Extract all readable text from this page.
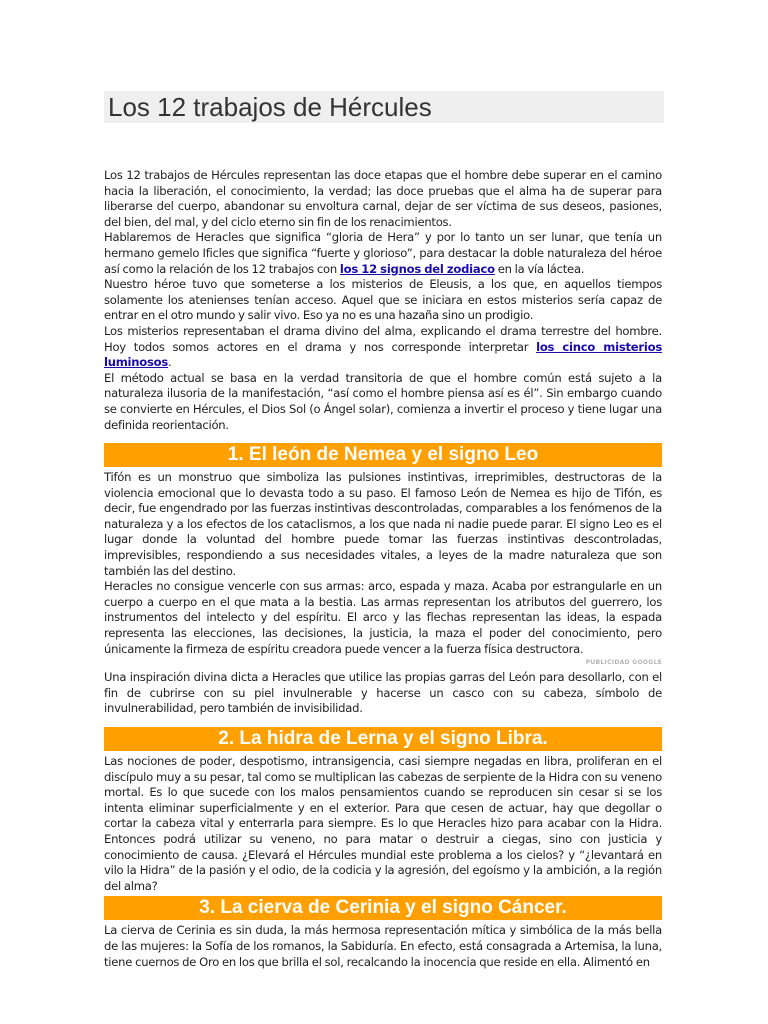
Los 12 trabajos de Hércules

Los 12 trabajos de Hércules representan las doce etapas que el hombre debe superar en el camino hacia la liberación, el conocimiento, la verdad; las doce pruebas que el alma ha de superar para liberarse del cuerpo, abandonar su envoltura carnal, dejar de ser víctima de sus deseos, pasiones, del bien, del mal, y del ciclo eterno sin fin de los renacimientos.

Hablaremos de Heracles que significa “gloria de Hera” y por lo tanto un ser lunar, que tenía un hermano gemelo Ificles que significa “fuerte y glorioso”, para destacar la doble naturaleza del héroe así como la relación de los 12 trabajos con los 12 signos del zodiaco en la vía láctea.

Nuestro héroe tuvo que someterse a los misterios de Eleusis, a los que, en aquellos tiempos solamente los atenienses tenían acceso. Aquel que se iniciara en estos misterios sería capaz de entrar en el otro mundo y salir vivo. Eso ya no es una hazaña sino un prodigio.

Los misterios representaban el drama divino del alma, explicando el drama terrestre del hombre. Hoy todos somos actores en el drama y nos corresponde interpretar los cinco misterios luminosos.

El método actual se basa en la verdad transitoria de que el hombre común está sujeto a la naturaleza ilusoria de la manifestación, “así como el hombre piensa así es él”. Sin embargo cuando se convierte en Hércules, el Dios Sol (o Ángel solar), comienza a invertir el proceso y tiene lugar una definida reorientación.

1. El león de Nemea y el signo Leo

Tifón es un monstruo que simboliza las pulsiones instintivas, irreprimibles, destructoras de la violencia emocional que lo devasta todo a su paso. El famoso León de Nemea es hijo de Tifón, es decir, fue engendrado por las fuerzas instintivas descontroladas, comparables a los fenómenos de la naturaleza y a los efectos de los cataclismos, a los que nada ni nadie puede parar. El signo Leo es el lugar donde la voluntad del hombre puede tomar las fuerzas instintivas descontroladas, imprevisibles, respondiendo a sus necesidades vitales, a leyes de la madre naturaleza que son también las del destino.

Heracles no consigue vencerle con sus armas: arco, espada y maza. Acaba por estrangularle en un cuerpo a cuerpo en el que mata a la bestia. Las armas representan los atributos del guerrero, los instrumentos del intelecto y del espíritu. El arco y las flechas representan las ideas, la espada representa las elecciones, las decisiones, la justicia, la maza el poder del conocimiento, pero únicamente la firmeza de espíritu creadora puede vencer a la fuerza física destructora.

PUBLICIDAD GOOGLE

Una inspiración divina dicta a Heracles que utilice las propias garras del León para desollarlo, con el fin de cubrirse con su piel invulnerable y hacerse un casco con su cabeza, símbolo de invulnerabilidad, pero también de invisibilidad.

2. La hidra de Lerna y el signo Libra.

Las nociones de poder, despotismo, intransigencia, casi siempre negadas en libra, proliferan en el discípulo muy a su pesar, tal como se multiplican las cabezas de serpiente de la Hidra con su veneno mortal. Es lo que sucede con los malos pensamientos cuando se reproducen sin cesar si se los intenta eliminar superficialmente y en el exterior. Para que cesen de actuar, hay que degollar o cortar la cabeza vital y enterrarla para siempre. Es lo que Heracles hizo para acabar con la Hidra. Entonces podrá utilizar su veneno, no para matar o destruir a ciegas, sino con justicia y conocimiento de causa. ¿Elevará el Hércules mundial este problema a los cielos? y “¿levantará en vilo la Hidra” de la pasión y el odio, de la codicia y la agresión, del egoísmo y la ambición, a la región del alma?

3. La cierva de Cerinia y el signo Cáncer.

La cierva de Cerinia es sin duda, la más hermosa representación mítica y simbólica de la más bella de las mujeres: la Sofía de los romanos, la Sabiduría. En efecto, está consagrada a Artemisa, la luna, tiene cuernos de Oro en los que brilla el sol, recalcando la inocencia que reside en ella. Alimentó en
